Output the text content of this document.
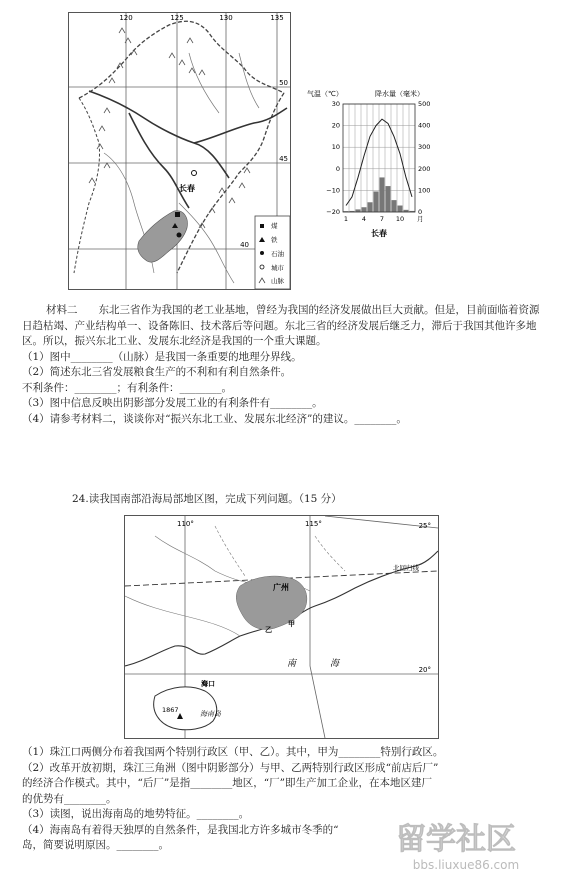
120	125	130	135
50
45
40
长春
煤
铁
石油
城市
山脉
气温（℃）	降水量（毫米）
30
20
10
0
−10
−20
500
400
300
200
100
0
1 4 7 10 月
长春

材料二　　东北三省作为我国的老工业基地，曾经为我国的经济发展做出巨大贡献。但是，目前面临着资源日趋枯竭、产业结构单一、设备陈旧、技术落后等问题。东北三省的经济发展后继乏力，滞后于我国其他许多地区。所以，振兴东北工业、发展东北经济是我国的一个重大课题。

（1）图中________（山脉）是我国一条重要的地理分界线。

（2）简述东北三省发展粮食生产的不利和有利自然条件。

不利条件：________；有利条件：________。

（3）图中信息反映出阴影部分发展工业的有利条件有________。

（4）请参考材料二，谈谈你对“振兴东北工业、发展东北经济”的建议。________。

24.读我国南部沿海局部地区图，完成下列问题。（15 分）
110°	115°	25°
20°
北回归线
广州
甲
乙
南	海
海口
1867	海南岛

（1）珠江口两侧分布着我国两个特别行政区（甲、乙）。其中，甲为________特别行政区。

（2）改革开放初期，珠江三角洲（图中阴影部分）与甲、乙两特别行政区形成“前店后厂”

的经济合作模式。其中，“后厂”是指________地区，“厂”即生产加工企业，在本地区建厂

的优势有________。

（3）读图，说出海南岛的地势特征。________。

（4）海南岛有着得天独厚的自然条件，是我国北方许多城市冬季的“

岛，简要说明原因。________。	留学社区
bbs.liuxue86.com
